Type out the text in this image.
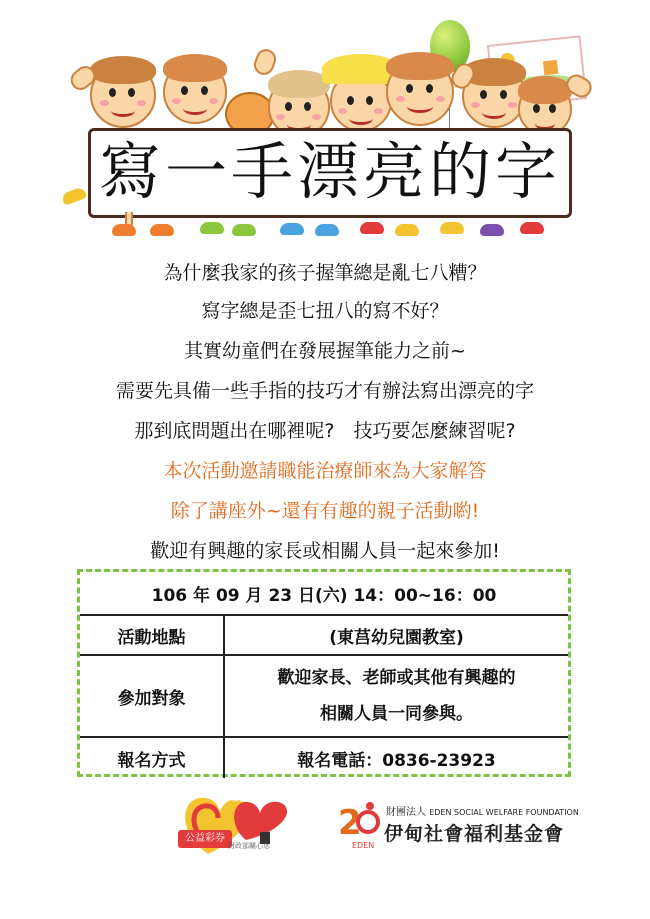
寫一手漂亮的字
為什麼我家的孩子握筆總是亂七八糟？
寫字總是歪七扭八的寫不好？
其實幼童們在發展握筆能力之前~
需要先具備一些手指的技巧才有辦法寫出漂亮的字
那到底問題出在哪裡呢?　技巧要怎麼練習呢?
本次活動邀請職能治療師來為大家解答
除了講座外~還有有趣的親子活動喲!
歡迎有興趣的家長或相關人員一起來參加!
106 年 09 月 23 日(六) 14：00~16：00	
活動地點	(東莒幼兒園教室)
參加對象	歡迎家長、老師或其他有興趣的
相關人員一同參與。

報名方式	報名電話：0836-23923
關懷‧熱愛‧愛
公益彩券
財政部關心您
2
EDEN
財團法人 EDEN SOCIAL WELFARE FOUNDATION
伊甸社會福利基金會
